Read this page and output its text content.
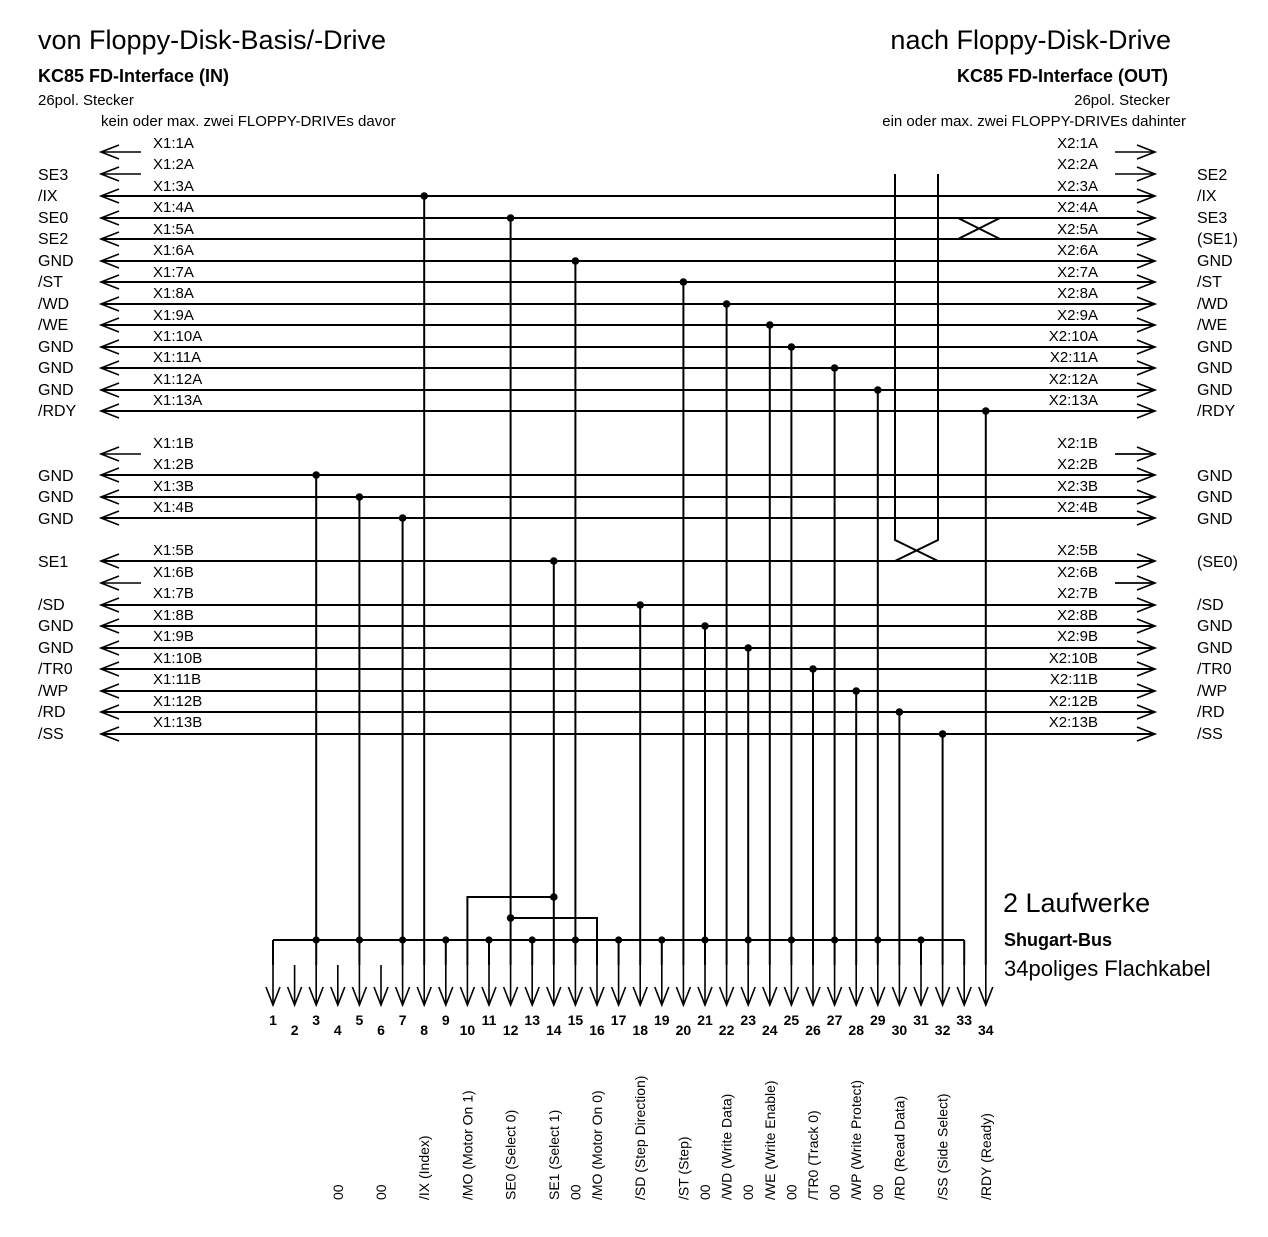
von Floppy-Disk-Basis/-Drive	nach Floppy-Disk-Drive
KC85 FD-Interface (IN)	KC85 FD-Interface (OUT)
26pol. Stecker	26pol. Stecker
kein oder max. zwei FLOPPY-DRIVEs davor	ein oder max. zwei FLOPPY-DRIVEs dahinter
2 Laufwerke
Shugart-Bus
34poliges Flachkabel
X1:1A	X2:1A
X1:2A	X2:2A
X1:3A	X2:3A
X1:4A	X2:4A
X1:5A	X2:5A
X1:6A	X2:6A
X1:7A	X2:7A
X1:8A	X2:8A
X1:9A	X2:9A
X1:10A	X2:10A
X1:11A	X2:11A
X1:12A	X2:12A
X1:13A	X2:13A
X1:1B	X2:1B
X1:2B	X2:2B
X1:3B	X2:3B
X1:4B	X2:4B
X1:5B	X2:5B
X1:6B	X2:6B
X1:7B	X2:7B
X1:8B	X2:8B
X1:9B	X2:9B
X1:10B	X2:10B
X1:11B	X2:11B
X1:12B	X2:12B
X1:13B	X2:13B
SE3	SE2
/IX	/IX
SE0	SE3
SE2	(SE1)
GND	GND
/ST	/ST
/WD	/WD
/WE	/WE
GND	GND
GND	GND
GND	GND
/RDY	/RDY
GND	GND
GND	GND
GND	GND
SE1	(SE0)
/SD	/SD
GND	GND
GND	GND
/TR0	/TR0
/WP	/WP
/RD	/RD
/SS	/SS
1
2
3
4
5
6
7
8
9
10
11
12
13
14
15
16
17
18
19
20
21
22
23
24
25
26
27
28
29
30
31
32
33
34
00 00 /IX (Index) /MO (Motor On 1) SE0 (Select 0) SE1 (Select 1) 00 /MO (Motor On 0) /SD (Step Direction) /ST (Step) 00 /WD (Write Data) 00 /WE (Write Enable) 00 /TR0 (Track 0) 00 /WP (Write Protect) 00 /RD (Read Data) /SS (Side Select) /RDY (Ready)
